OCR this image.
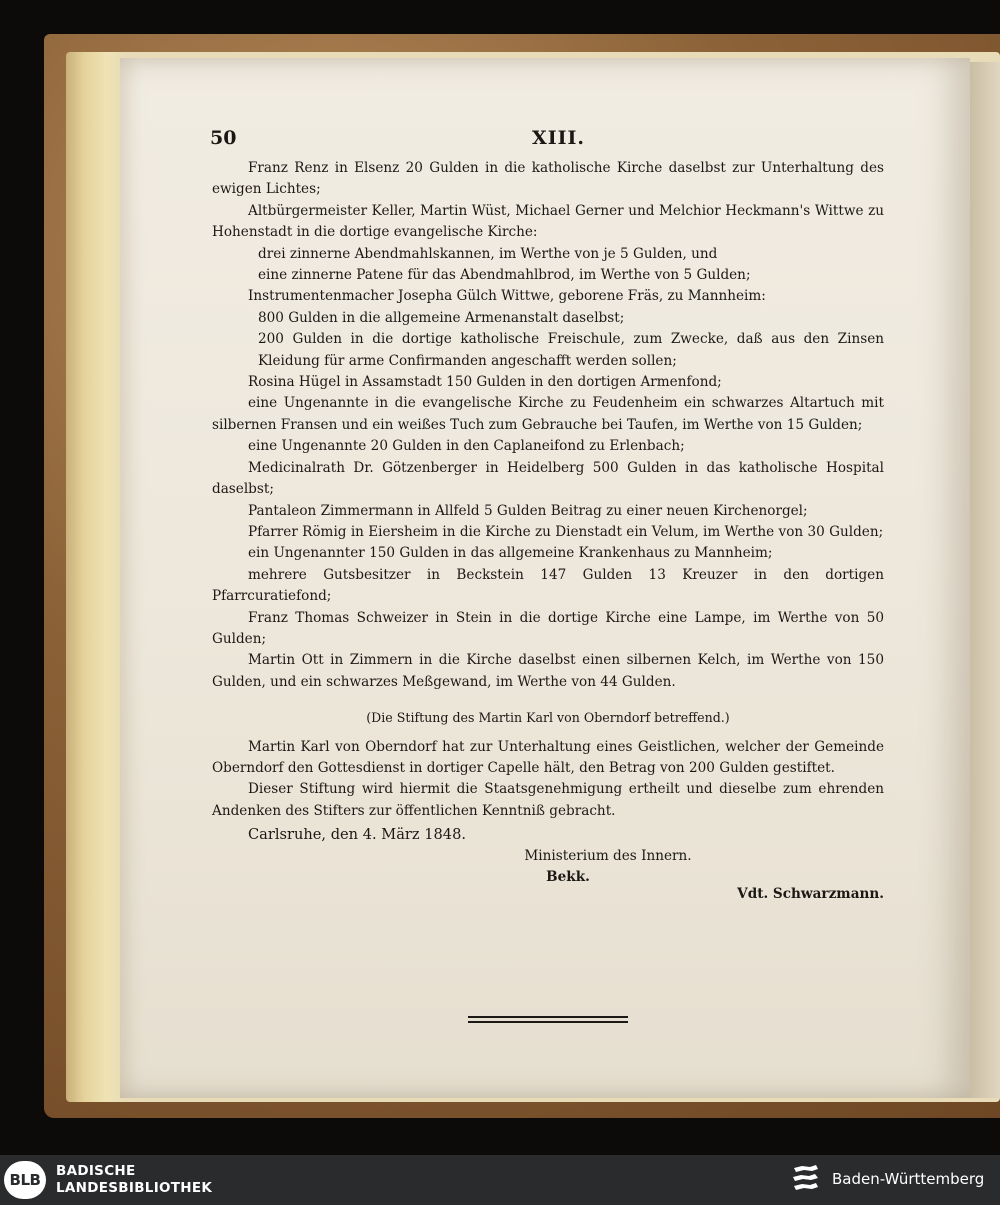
50	XIII.

Franz Renz in Elsenz 20 Gulden in die katholische Kirche daselbst zur Unterhaltung des ewigen Lichtes;

Altbürgermeister Keller, Martin Wüst, Michael Gerner und Melchior Heckmann's Wittwe zu Hohenstadt in die dortige evangelische Kirche:

drei zinnerne Abendmahlskannen, im Werthe von je 5 Gulden, und

eine zinnerne Patene für das Abendmahlbrod, im Werthe von 5 Gulden;

Instrumentenmacher Josepha Gülch Wittwe, geborene Fräs, zu Mannheim:

800 Gulden in die allgemeine Armenanstalt daselbst;

200 Gulden in die dortige katholische Freischule, zum Zwecke, daß aus den Zinsen Kleidung für arme Confirmanden angeschafft werden sollen;

Rosina Hügel in Assamstadt 150 Gulden in den dortigen Armenfond;

eine Ungenannte in die evangelische Kirche zu Feudenheim ein schwarzes Altartuch mit silbernen Fransen und ein weißes Tuch zum Gebrauche bei Taufen, im Werthe von 15 Gulden;

eine Ungenannte 20 Gulden in den Caplaneifond zu Erlenbach;

Medicinalrath Dr. Götzenberger in Heidelberg 500 Gulden in das katholische Hospital daselbst;

Pantaleon Zimmermann in Allfeld 5 Gulden Beitrag zu einer neuen Kirchenorgel;

Pfarrer Römig in Eiersheim in die Kirche zu Dienstadt ein Velum, im Werthe von 30 Gulden;

ein Ungenannter 150 Gulden in das allgemeine Krankenhaus zu Mannheim;

mehrere Gutsbesitzer in Beckstein 147 Gulden 13 Kreuzer in den dortigen Pfarrcuratiefond;

Franz Thomas Schweizer in Stein in die dortige Kirche eine Lampe, im Werthe von 50 Gulden;

Martin Ott in Zimmern in die Kirche daselbst einen silbernen Kelch, im Werthe von 150 Gulden, und ein schwarzes Meßgewand, im Werthe von 44 Gulden.

(Die Stiftung des Martin Karl von Oberndorf betreffend.)

Martin Karl von Oberndorf hat zur Unterhaltung eines Geistlichen, welcher der Gemeinde Oberndorf den Gottesdienst in dortiger Capelle hält, den Betrag von 200 Gulden gestiftet.

Dieser Stiftung wird hiermit die Staatsgenehmigung ertheilt und dieselbe zum ehrenden Andenken des Stifters zur öffentlichen Kenntniß gebracht.

Carlsruhe, den 4. März 1848.

Ministerium des Innern.

Bekk.

Vdt. Schwarzmann.

BLB	BADISCHE
LANDESBIBLIOTHEK	Baden-Württemberg
